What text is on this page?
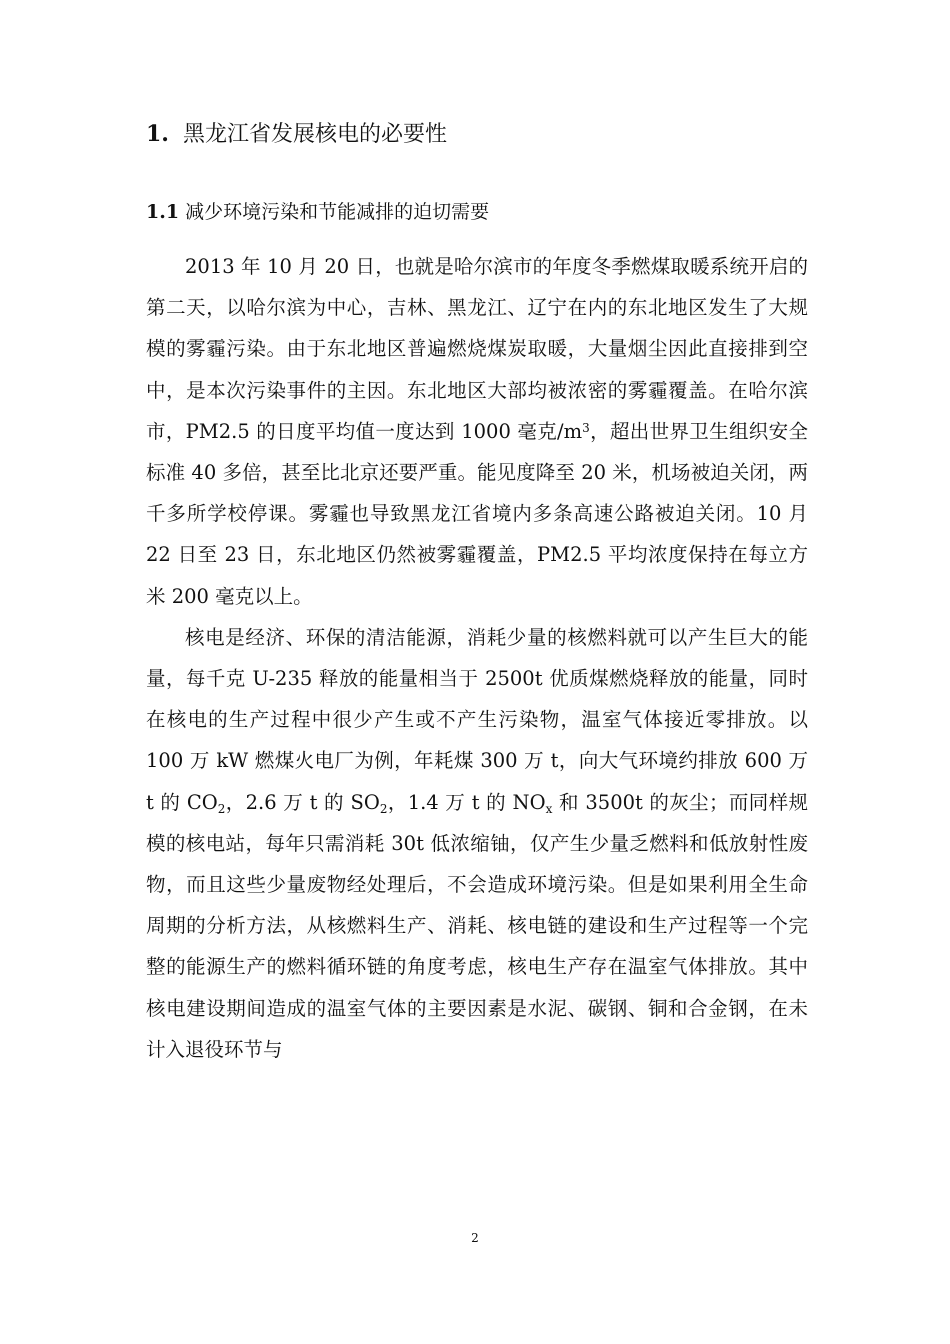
1. 黑龙江省发展核电的必要性
1.1 减少环境污染和节能减排的迫切需要

2013 年 10 月 20 日，也就是哈尔滨市的年度冬季燃煤取暖系统开启的第二天，以哈尔滨为中心，吉林、黑龙江、辽宁在内的东北地区发生了大规模的雾霾污染。由于东北地区普遍燃烧煤炭取暖，大量烟尘因此直接排到空中，是本次污染事件的主因。东北地区大部均被浓密的雾霾覆盖。在哈尔滨市，PM2.5 的日度平均值一度达到 1000 毫克$/m^3$，超出世界卫生组织安全标准 40 多倍，甚至比北京还要严重。能见度降至 20 米，机场被迫关闭，两千多所学校停课。雾霾也导致黑龙江省境内多条高速公路被迫关闭。10 月 22 日至 23 日，东北地区仍然被雾霾覆盖，PM2.5 平均浓度保持在每立方米 200 毫克以上。

核电是经济、环保的清洁能源，消耗少量的核燃料就可以产生巨大的能量，每千克 U-235 释放的能量相当于 2500t 优质煤燃烧释放的能量，同时在核电的生产过程中很少产生或不产生污染物，温室气体接近零排放。以 100 万 kW 燃煤火电厂为例，年耗煤 300 万 t，向大气环境约排放 600 万 t 的 $CO_2$，2.6 万 t 的 $SO_2$，1.4 万 t 的 $NO_x$ 和 3500t 的灰尘；而同样规模的核电站，每年只需消耗 30t 低浓缩铀，仅产生少量乏燃料和低放射性废物，而且这些少量废物经处理后，不会造成环境污染。但是如果利用全生命周期的分析方法，从核燃料生产、消耗、核电链的建设和生产过程等一个完整的能源生产的燃料循环链的角度考虑，核电生产存在温室气体排放。其中核电建设期间造成的温室气体的主要因素是水泥、碳钢、铜和合金钢，在未计入退役环节与

2
